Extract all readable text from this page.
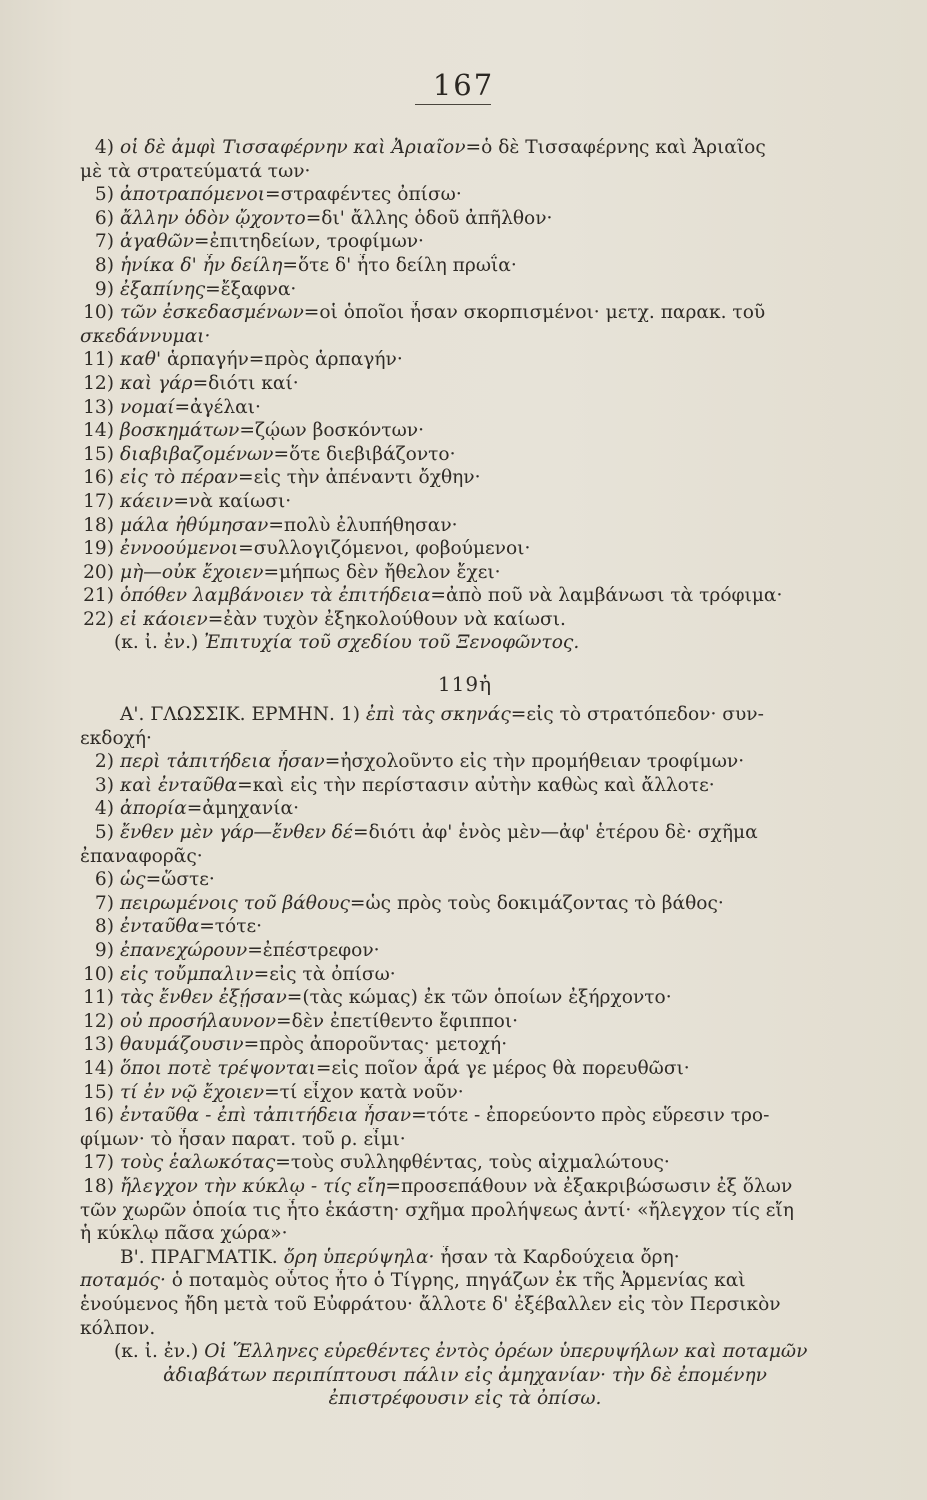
167
4) οἱ δὲ ἀμφὶ Τισσαφέρνην καὶ Ἀριαῖον=ὁ δὲ Τισσαφέρνης καὶ Ἀριαῖος
μὲ τὰ στρατεύματά των·
5) ἀποτραπόμενοι=στραφέντες ὀπίσω·
6) ἄλλην ὁδὸν ᾤχοντο=δι' ἄλλης ὁδοῦ ἀπῆλθον·
7) ἀγαθῶν=ἐπιτηδείων, τροφίμων·
8) ἡνίκα δ' ἦν δείλη=ὅτε δ' ἦτο δείλη πρωΐα·
9) ἐξαπίνης=ἔξαφνα·
10) τῶν ἐσκεδασμένων=οἱ ὁποῖοι ἦσαν σκορπισμένοι· μετχ. παρακ. τοῦ
σκεδάννυμαι·
11) καθ' ἁρπαγήν=πρὸς ἁρπαγήν·
12) καὶ γάρ=διότι καί·
13) νομαί=ἀγέλαι·
14) βοσκημάτων=ζῴων βοσκόντων·
15) διαβιβαζομένων=ὅτε διεβιβάζοντο·
16) εἰς τὸ πέραν=εἰς τὴν ἀπέναντι ὄχθην·
17) κάειν=νὰ καίωσι·
18) μάλα ἠθύμησαν=πολὺ ἐλυπήθησαν·
19) ἐννοούμενοι=συλλογιζόμενοι, φοβούμενοι·
20) μὴ—οὐκ ἔχοιεν=μήπως δὲν ἤθελον ἔχει·
21) ὁπόθεν λαμβάνοιεν τὰ ἐπιτήδεια=ἀπὸ ποῦ νὰ λαμβάνωσι τὰ τρόφιμα·
22) εἰ κάοιεν=ἐὰν τυχὸν ἐξηκολούθουν νὰ καίωσι.
(κ. ἰ. ἐν.) Ἐπιτυχία τοῦ σχεδίου τοῦ Ξενοφῶντος.
119ἡ
Α'. ΓΛΩΣΣΙΚ. ΕΡΜΗΝ. 1) ἐπὶ τὰς σκηνάς=εἰς τὸ στρατόπεδον· συν-
εκδοχή·
2) περὶ τἀπιτήδεια ἦσαν=ἠσχολοῦντο εἰς τὴν προμήθειαν τροφίμων·
3) καὶ ἐνταῦθα=καὶ εἰς τὴν περίστασιν αὐτὴν καθὼς καὶ ἄλλοτε·
4) ἀπορία=ἀμηχανία·
5) ἔνθεν μὲν γάρ—ἔνθεν δέ=διότι ἀφ' ἑνὸς μὲν—ἀφ' ἑτέρου δὲ· σχῆμα
ἐπαναφορᾶς·
6) ὡς=ὥστε·
7) πειρωμένοις τοῦ βάθους=ὡς πρὸς τοὺς δοκιμάζοντας τὸ βάθος·
8) ἐνταῦθα=τότε·
9) ἐπανεχώρουν=ἐπέστρεφον·
10) εἰς τοὔμπαλιν=εἰς τὰ ὀπίσω·
11) τὰς ἔνθεν ἐξῄσαν=(τὰς κώμας) ἐκ τῶν ὁποίων ἐξήρχοντο·
12) οὐ προσήλαυνον=δὲν ἐπετίθεντο ἔφιπποι·
13) θαυμάζουσιν=πρὸς ἀποροῦντας· μετοχή·
14) ὅποι ποτὲ τρέψονται=εἰς ποῖον ἆρά γε μέρος θὰ πορευθῶσι·
15) τί ἐν νῷ ἔχοιεν=τί εἶχον κατὰ νοῦν·
16) ἐνταῦθα - ἐπὶ τἀπιτήδεια ἦσαν=τότε - ἐπορεύοντο πρὸς εὕρεσιν τρο-
φίμων· τὸ ἦσαν παρατ. τοῦ ρ. εἶμι·
17) τοὺς ἑαλωκότας=τοὺς συλληφθέντας, τοὺς αἰχμαλώτους·
18) ἤλεγχον τὴν κύκλῳ - τίς εἴη=προσεπάθουν νὰ ἐξακριβώσωσιν ἐξ ὅλων
τῶν χωρῶν ὁποία τις ἦτο ἑκάστη· σχῆμα προλήψεως ἀντί· «ἤλεγχον τίς εἴη
ἡ κύκλῳ πᾶσα χώρα»·
Β'. ΠΡΑΓΜΑΤΙΚ. ὄρη ὑπερύψηλα· ἦσαν τὰ Καρδούχεια ὄρη·
ποταμός· ὁ ποταμὸς οὗτος ἦτο ὁ Τίγρης, πηγάζων ἐκ τῆς Ἀρμενίας καὶ
ἑνούμενος ἤδη μετὰ τοῦ Εὐφράτου· ἄλλοτε δ' ἐξέβαλλεν εἰς τὸν Περσικὸν
κόλπον.
(κ. ἰ. ἐν.) Οἱ Ἕλληνες εὑρεθέντες ἐντὸς ὀρέων ὑπερυψήλων καὶ ποταμῶν
ἀδιαβάτων περιπίπτουσι πάλιν εἰς ἀμηχανίαν· τὴν δὲ ἐπομένην
ἐπιστρέφουσιν εἰς τὰ ὀπίσω.
